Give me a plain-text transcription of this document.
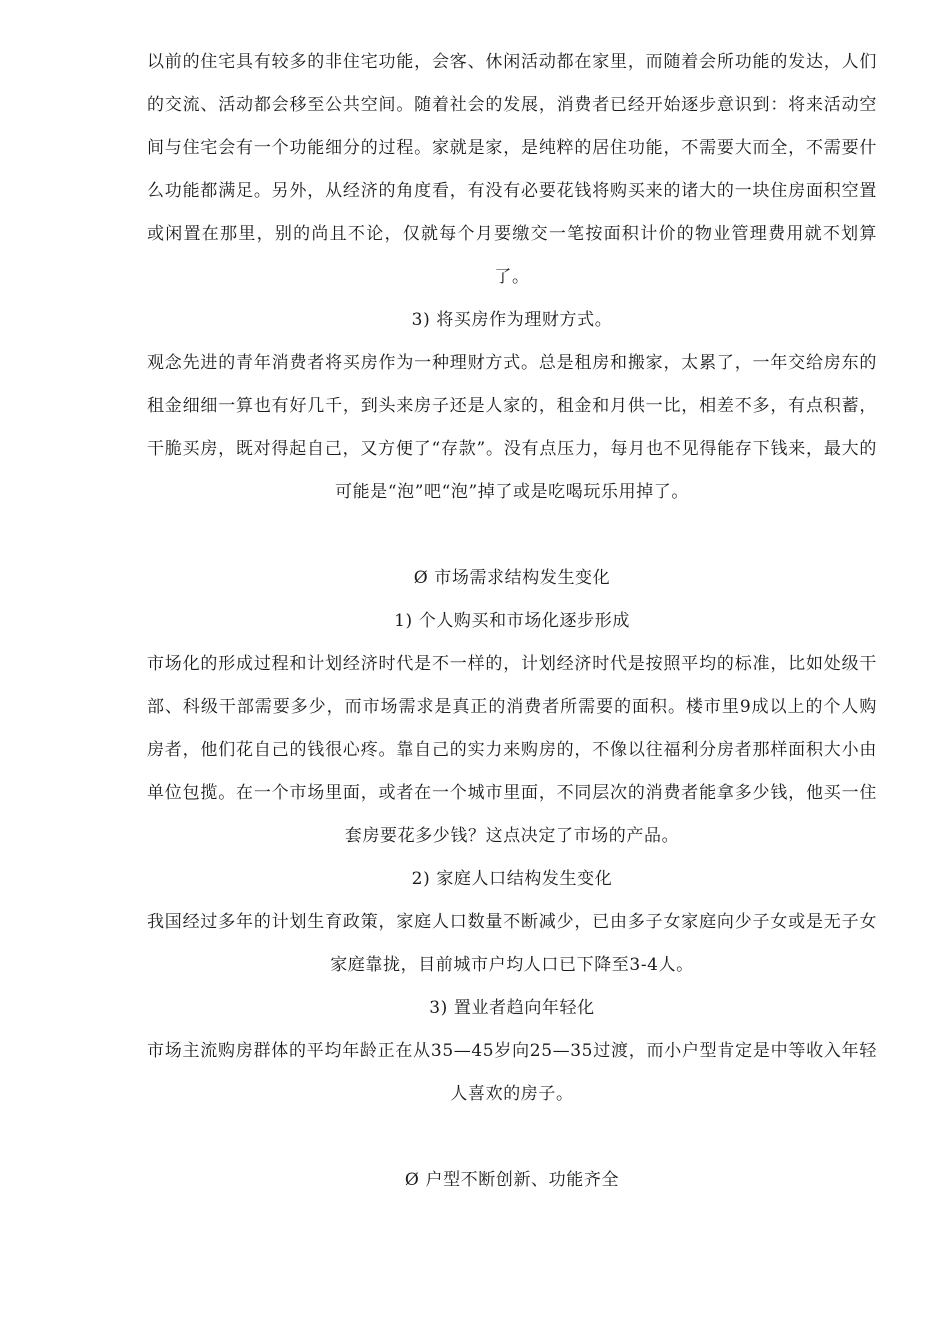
以前的住宅具有较多的非住宅功能，会客、休闲活动都在家里，而随着会所功能的发达，人们的交流、活动都会移至公共空间。随着社会的发展，消费者已经开始逐步意识到：将来活动空间与住宅会有一个功能细分的过程。家就是家，是纯粹的居住功能，不需要大而全，不需要什么功能都满足。另外，从经济的角度看，有没有必要花钱将购买来的诸大的一块住房面积空置或闲置在那里，别的尚且不论，仅就每个月要缴交一笔按面积计价的物业管理费用就不划算了。

3) 将买房作为理财方式。

观念先进的青年消费者将买房作为一种理财方式。总是租房和搬家，太累了，一年交给房东的租金细细一算也有好几千，到头来房子还是人家的，租金和月供一比，相差不多，有点积蓄，干脆买房，既对得起自己，又方便了“存款”。没有点压力，每月也不见得能存下钱来，最大的可能是“泡”吧“泡”掉了或是吃喝玩乐用掉了。

Ø 市场需求结构发生变化

1) 个人购买和市场化逐步形成

市场化的形成过程和计划经济时代是不一样的，计划经济时代是按照平均的标准，比如处级干部、科级干部需要多少，而市场需求是真正的消费者所需要的面积。楼市里9成以上的个人购房者，他们花自己的钱很心疼。靠自己的实力来购房的，不像以往福利分房者那样面积大小由单位包揽。在一个市场里面，或者在一个城市里面，不同层次的消费者能拿多少钱，他买一住套房要花多少钱？这点决定了市场的产品。

2) 家庭人口结构发生变化

我国经过多年的计划生育政策，家庭人口数量不断减少，已由多子女家庭向少子女或是无子女家庭靠拢，目前城市户均人口已下降至3-4人。

3) 置业者趋向年轻化

市场主流购房群体的平均年龄正在从35—45岁向25—35过渡，而小户型肯定是中等收入年轻人喜欢的房子。

Ø 户型不断创新、功能齐全
